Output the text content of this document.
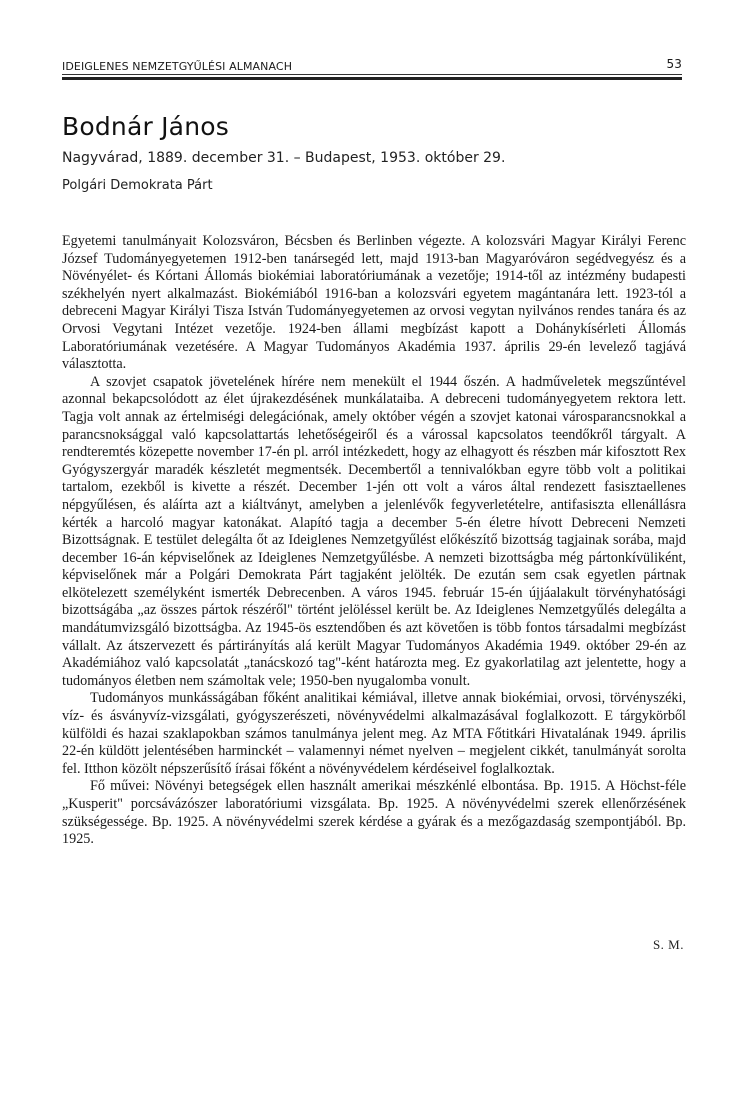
IDEIGLENES NEMZETGYŰLÉSI ALMANACH	53
Bodnár János
Nagyvárad, 1889. december 31. – Budapest, 1953. október 29.
Polgári Demokrata Párt

Egyetemi tanulmányait Kolozsváron, Bécsben és Berlinben végezte. A kolozsvári Magyar Királyi Ferenc József Tudományegyetemen 1912-ben tanársegéd lett, majd 1913-ban Magyaróváron segédvegyész és a Növényélet- és Kórtani Állomás biokémiai laboratóriumának a vezetője; 1914-től az intézmény budapesti székhelyén nyert alkalmazást. Biokémiából 1916-ban a kolozsvári egyetem magántanára lett. 1923-tól a debreceni Magyar Királyi Tisza István Tudományegyetemen az orvosi vegytan nyilvános rendes tanára és az Orvosi Vegytani Intézet vezetője. 1924-ben állami megbízást kapott a Dohánykísérleti Állomás Laboratóriumának vezetésére. A Magyar Tudományos Akadémia 1937. április 29-én levelező tagjává választotta.

A szovjet csapatok jövetelének hírére nem menekült el 1944 őszén. A hadműveletek megszűntével azonnal bekapcsolódott az élet újrakezdésének munkálataiba. A debreceni tudományegyetem rektora lett. Tagja volt annak az értelmiségi delegációnak, amely október végén a szovjet katonai városparancsnokkal a parancsnoksággal való kapcsolattartás lehetőségeiről és a várossal kapcsolatos teendőkről tárgyalt. A rendteremtés közepette november 17-én pl. arról intézkedett, hogy az elhagyott és részben már kifosztott Rex Gyógyszergyár maradék készletét megmentsék. Decembertől a tennivalókban egyre több volt a politikai tartalom, ezekből is kivette a részét. December 1-jén ott volt a város által rendezett fasisztaellenes népgyűlésen, és aláírta azt a kiáltványt, amelyben a jelenlévők fegyverletételre, antifasiszta ellenállásra kérték a harcoló magyar katonákat. Alapító tagja a december 5-én életre hívott Debreceni Nemzeti Bizottságnak. E testület delegálta őt az Ideiglenes Nemzetgyűlést előkészítő bizottság tagjainak sorába, majd december 16-án képviselőnek az Ideiglenes Nemzetgyűlésbe. A nemzeti bizottságba még pártonkívüliként, képviselőnek már a Polgári Demokrata Párt tagjaként jelölték. De ezután sem csak egyetlen pártnak elkötelezett személyként ismerték Debrecenben. A város 1945. február 15-én újjáalakult törvényhatósági bizottságába „az összes pártok részéről" történt jelöléssel került be. Az Ideiglenes Nemzetgyűlés delegálta a mandátumvizsgáló bizottságba. Az 1945-ös esztendőben és azt követően is több fontos társadalmi megbízást vállalt. Az átszervezett és pártirányítás alá került Magyar Tudományos Akadémia 1949. október 29-én az Akadémiához való kapcsolatát „tanácskozó tag"-ként határozta meg. Ez gyakorlatilag azt jelentette, hogy a tudományos életben nem számoltak vele; 1950-ben nyugalomba vonult.

Tudományos munkásságában főként analitikai kémiával, illetve annak biokémiai, orvosi, törvényszéki, víz- és ásványvíz-vizsgálati, gyógyszerészeti, növényvédelmi alkalmazásával foglalkozott. E tárgykörből külföldi és hazai szaklapokban számos tanulmánya jelent meg. Az MTA Főtitkári Hivatalának 1949. április 22-én küldött jelentésében harminckét – valamennyi német nyelven – megjelent cikkét, tanulmányát sorolta fel. Itthon közölt népszerűsítő írásai főként a növényvédelem kérdéseivel foglalkoztak.

Fő művei: Növényi betegségek ellen használt amerikai mészkénlé elbontása. Bp. 1915. A Höchst-féle „Kusperit" porcsávázószer laboratóriumi vizsgálata. Bp. 1925. A növényvédelmi szerek ellenőrzésének szükségessége. Bp. 1925. A növényvédelmi szerek kérdése a gyárak és a mezőgazdaság szempontjából. Bp. 1925.

S. M.
